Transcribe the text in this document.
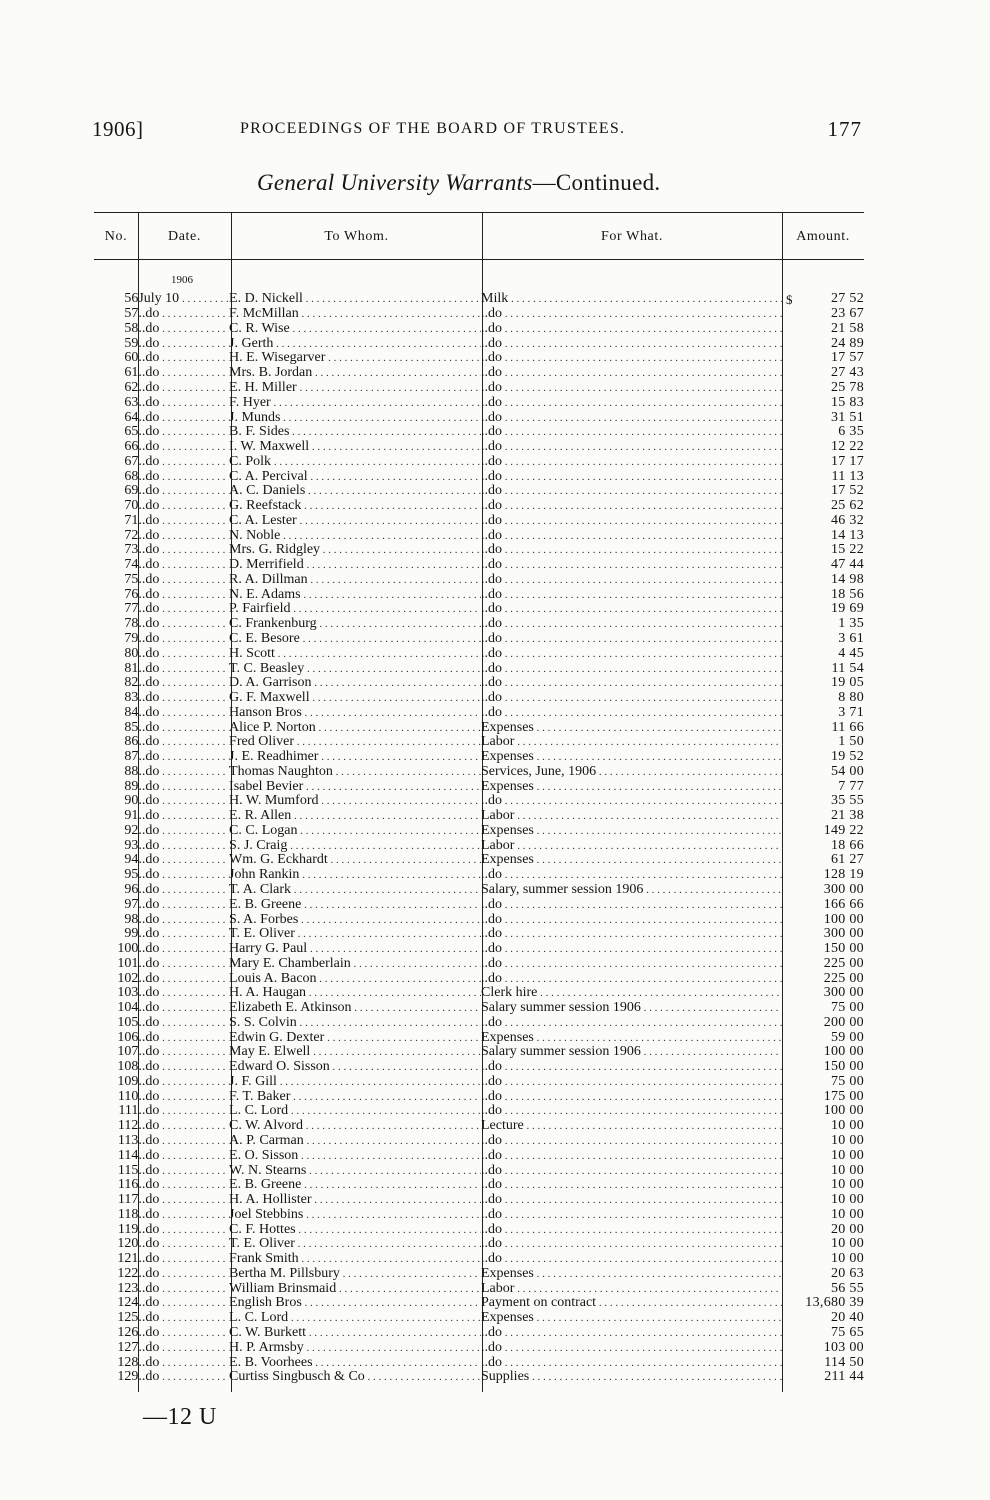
1906]	PROCEEDINGS OF THE BOARD OF TRUSTEES.	177
General University Warrants—Continued.
No.	Date.	To Whom.	For What.	Amount.
1906
$
56	July 10 . . .	E. D. Nickell . . .	Milk . . .	27 52
57	..do . . .	F. McMillan . . .	..do . . .	23 67
58	..do . . .	C. R. Wise . . .	..do . . .	21 58
59	..do . . .	J. Gerth . . .	..do . . .	24 89
60	..do . . .	H. E. Wisegarver . . .	..do . . .	17 57
61	..do . . .	Mrs. B. Jordan . . .	..do . . .	27 43
62	..do . . .	E. H. Miller . . .	..do . . .	25 78
63	..do . . .	F. Hyer . . .	..do . . .	15 83
64	..do . . .	J. Munds . . .	..do . . .	31 51
65	..do . . .	B. F. Sides . . .	..do . . .	6 35
66	..do . . .	I. W. Maxwell . . .	..do . . .	12 22
67	..do . . .	C. Polk . . .	..do . . .	17 17
68	..do . . .	C. A. Percival . . .	..do . . .	11 13
69	..do . . .	A. C. Daniels . . .	..do . . .	17 52
70	..do . . .	G. Reefstack . . .	..do . . .	25 62
71	..do . . .	C. A. Lester . . .	..do . . .	46 32
72	..do . . .	N. Noble . . .	..do . . .	14 13
73	..do . . .	Mrs. G. Ridgley . . .	..do . . .	15 22
74	..do . . .	D. Merrifield . . .	..do . . .	47 44
75	..do . . .	R. A. Dillman . . .	..do . . .	14 98
76	..do . . .	N. E. Adams . . .	..do . . .	18 56
77	..do . . .	P. Fairfield . . .	..do . . .	19 69
78	..do . . .	C. Frankenburg . . .	..do . . .	1 35
79	..do . . .	C. E. Besore . . .	..do . . .	3 61
80	..do . . .	H. Scott . . .	..do . . .	4 45
81	..do . . .	T. C. Beasley . . .	..do . . .	11 54
82	..do . . .	D. A. Garrison . . .	..do . . .	19 05
83	..do . . .	G. F. Maxwell . . .	..do . . .	8 80
84	..do . . .	Hanson Bros . . .	..do . . .	3 71
85	..do . . .	Alice P. Norton . . .	Expenses . . .	11 66
86	..do . . .	Fred Oliver . . .	Labor . . .	1 50
87	..do . . .	J. E. Readhimer . . .	Expenses . . .	19 52
88	..do . . .	Thomas Naughton . . .	Services, June, 1906 . . .	54 00
89	..do . . .	Isabel Bevier . . .	Expenses . . .	7 77
90	..do . . .	H. W. Mumford . . .	..do . . .	35 55
91	..do . . .	E. R. Allen . . .	Labor . . .	21 38
92	..do . . .	C. C. Logan . . .	Expenses . . .	149 22
93	..do . . .	S. J. Craig . . .	Labor . . .	18 66
94	..do . . .	Wm. G. Eckhardt . . .	Expenses . . .	61 27
95	..do . . .	John Rankin . . .	..do . . .	128 19
96	..do . . .	T. A. Clark . . .	Salary, summer session 1906 . . .	300 00
97	..do . . .	E. B. Greene . . .	..do . . .	166 66
98	..do . . .	S. A. Forbes . . .	..do . . .	100 00
99	..do . . .	T. E. Oliver . . .	..do . . .	300 00
100	..do . . .	Harry G. Paul . . .	..do . . .	150 00
101	..do . . .	Mary E. Chamberlain . . .	..do . . .	225 00
102	..do . . .	Louis A. Bacon . . .	..do . . .	225 00
103	..do . . .	H. A. Haugan . . .	Clerk hire . . .	300 00
104	..do . . .	Elizabeth E. Atkinson . . .	Salary summer session 1906 . . .	75 00
105	..do . . .	S. S. Colvin . . .	..do . . .	200 00
106	..do . . .	Edwin G. Dexter . . .	Expenses . . .	59 00
107	..do . . .	May E. Elwell . . .	Salary summer session 1906 . . .	100 00
108	..do . . .	Edward O. Sisson . . .	..do . . .	150 00
109	..do . . .	J. F. Gill . . .	..do . . .	75 00
110	..do . . .	F. T. Baker . . .	..do . . .	175 00
111	..do . . .	L. C. Lord . . .	..do . . .	100 00
112	..do . . .	C. W. Alvord . . .	Lecture . . .	10 00
113	..do . . .	A. P. Carman . . .	..do . . .	10 00
114	..do . . .	E. O. Sisson . . .	..do . . .	10 00
115	..do . . .	W. N. Stearns . . .	..do . . .	10 00
116	..do . . .	E. B. Greene . . .	..do . . .	10 00
117	..do . . .	H. A. Hollister . . .	..do . . .	10 00
118	..do . . .	Joel Stebbins . . .	..do . . .	10 00
119	..do . . .	C. F. Hottes . . .	..do . . .	20 00
120	..do . . .	T. E. Oliver . . .	..do . . .	10 00
121	..do . . .	Frank Smith . . .	..do . . .	10 00
122	..do . . .	Bertha M. Pillsbury . . .	Expenses . . .	20 63
123	..do . . .	William Brinsmaid . . .	Labor . . .	56 55
124	..do . . .	English Bros . . .	Payment on contract . . .	13,680 39
125	..do . . .	L. C. Lord . . .	Expenses . . .	20 40
126	..do . . .	C. W. Burkett . . .	..do . . .	75 65
127	..do . . .	H. P. Armsby . . .	..do . . .	103 00
128	..do . . .	E. B. Voorhees . . .	..do . . .	114 50
129	..do . . .	Curtiss Singbusch & Co . . .	Supplies . . .	211 44
—12 U
